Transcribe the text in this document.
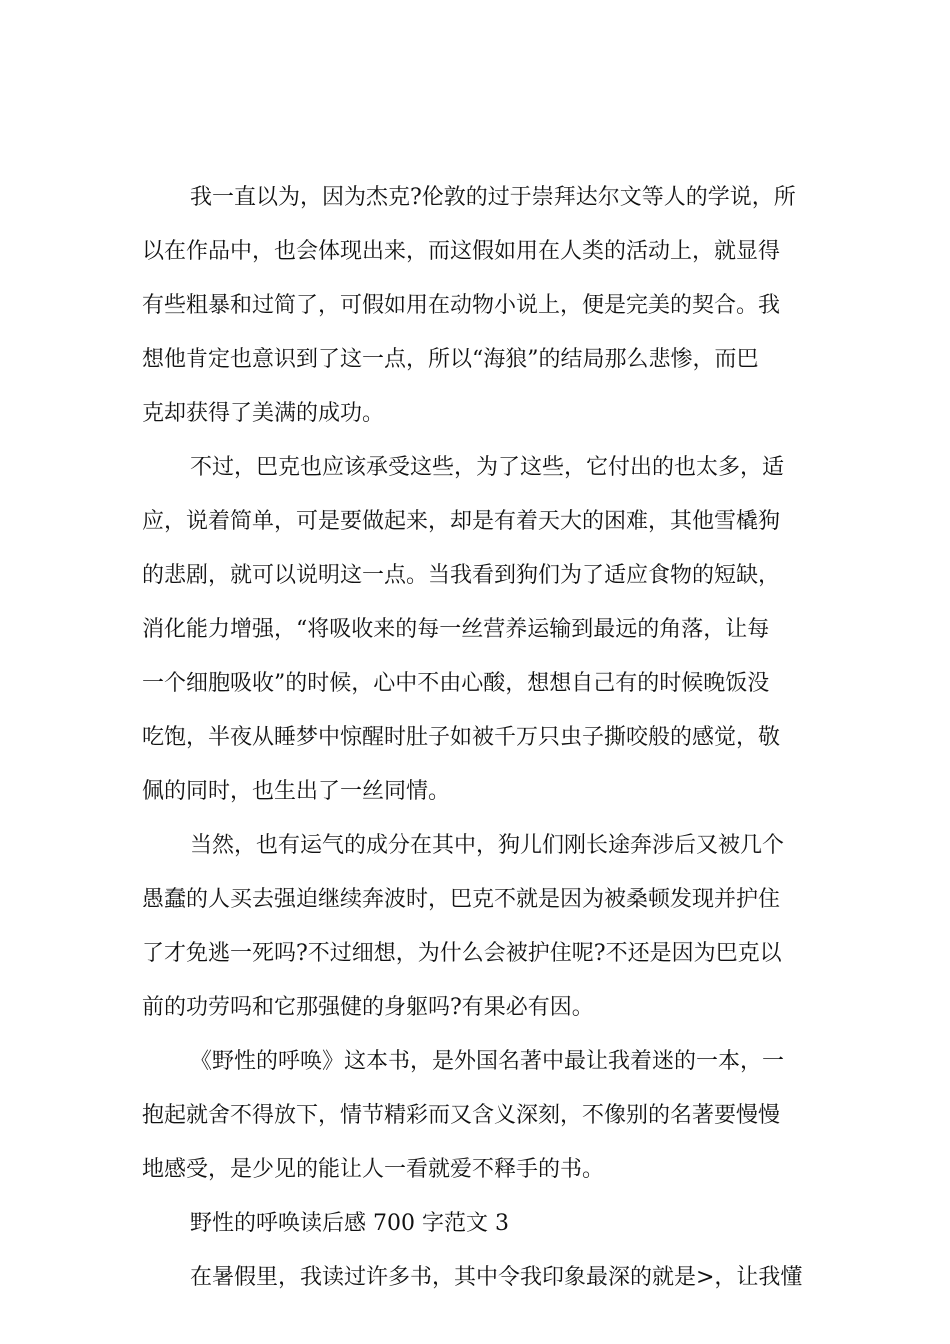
我一直以为，因为杰克?伦敦的过于崇拜达尔文等人的学说，所
以在作品中，也会体现出来，而这假如用在人类的活动上，就显得
有些粗暴和过简了，可假如用在动物小说上，便是完美的契合。我
想他肯定也意识到了这一点，所以“海狼”的结局那么悲惨，而巴
克却获得了美满的成功。
不过，巴克也应该承受这些，为了这些，它付出的也太多，适
应，说着简单，可是要做起来，却是有着天大的困难，其他雪橇狗
的悲剧，就可以说明这一点。当我看到狗们为了适应食物的短缺，
消化能力增强，“将吸收来的每一丝营养运输到最远的角落，让每
一个细胞吸收”的时候，心中不由心酸，想想自己有的时候晚饭没
吃饱，半夜从睡梦中惊醒时肚子如被千万只虫子撕咬般的感觉，敬
佩的同时，也生出了一丝同情。
当然，也有运气的成分在其中，狗儿们刚长途奔涉后又被几个
愚蠢的人买去强迫继续奔波时，巴克不就是因为被桑顿发现并护住
了才免逃一死吗?不过细想，为什么会被护住呢?不还是因为巴克以
前的功劳吗和它那强健的身躯吗?有果必有因。
《野性的呼唤》这本书，是外国名著中最让我着迷的一本，一
抱起就舍不得放下，情节精彩而又含义深刻，不像别的名著要慢慢
地感受，是少见的能让人一看就爱不释手的书。
野性的呼唤读后感 700 字范文 3
在暑假里，我读过许多书，其中令我印象最深的就是>，让我懂
